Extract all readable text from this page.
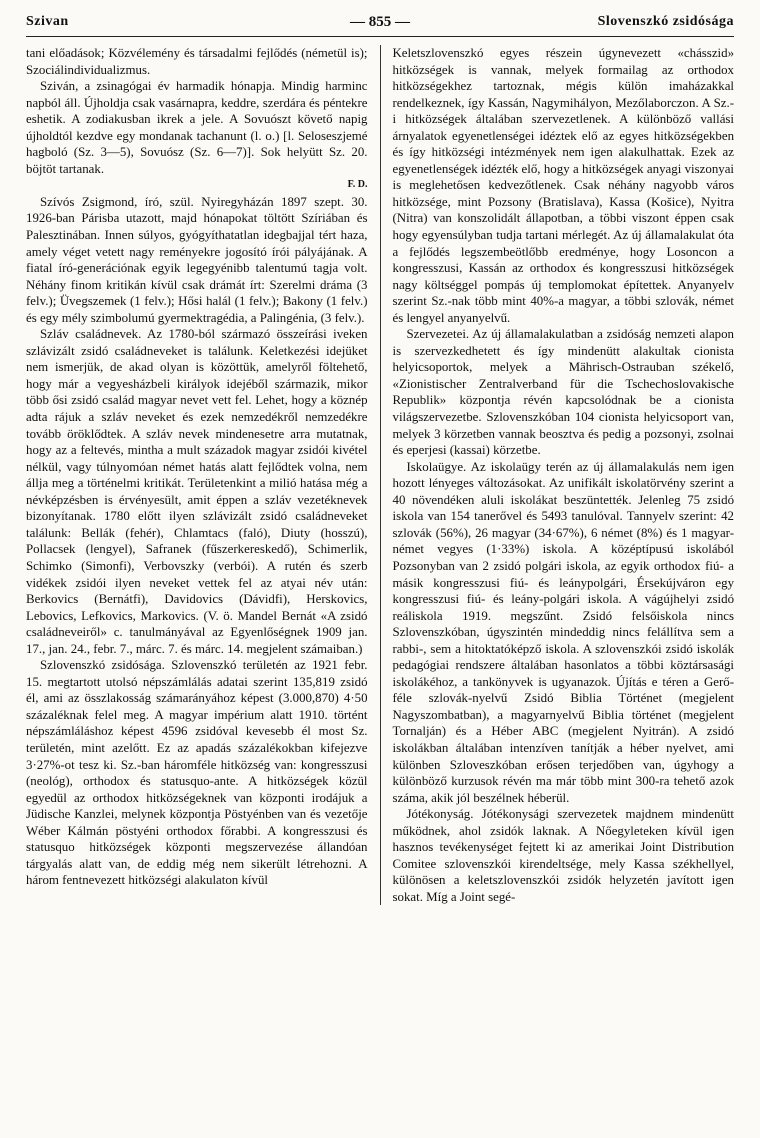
Szivan	— 855 —	Slovenszkó zsidósága

tani előadások; Közvélemény és társadalmi fejlődés (németül is); Szociálindividualizmus.

Sziván, a zsinagógai év harmadik hónapja. Mindig harminc napból áll. Újholdja csak vasárnapra, keddre, szerdára és péntekre eshetik. A zodiakusban ikrek a jele. A Sovuószt követő napig újholdtól kezdve egy mondanak tachanunt (l. o.) [l. Seloseszjemé hagboló (Sz. 3—5), Sovuósz (Sz. 6—7)]. Sok helyütt Sz. 20. böjtöt tartanak.

F. D.

Szívós Zsigmond, író, szül. Nyiregyházán 1897 szept. 30. 1926-ban Párisba utazott, majd hónapokat töltött Szíriában és Palesztinában. Innen súlyos, gyógyíthatatlan idegbajjal tért haza, amely véget vetett nagy reményekre jogosító írói pályájának. A fiatal író-generációnak egyik legegyénibb talentumú tagja volt. Néhány finom kritikán kívül csak drámát írt: Szerelmi dráma (3 felv.); Üvegszemek (1 felv.); Hősi halál (1 felv.); Bakony (1 felv.) és egy mély szimbolumú gyermektragédia, a Palingénia, (3 felv.).

Szláv családnevek. Az 1780-ból származó összeírási iveken szlávizált zsidó családneveket is találunk. Keletkezési idejüket nem ismerjük, de akad olyan is közöttük, amelyről föltehető, hogy már a vegyesházbeli királyok idejéből származik, mikor több ősi zsidó család magyar nevet vett fel. Lehet, hogy a köznép adta rájuk a szláv neveket és ezek nemzedékről nemzedékre tovább öröklődtek. A szláv nevek mindenesetre arra mutatnak, hogy az a feltevés, mintha a mult századok magyar zsidói kivétel nélkül, vagy túlnyomóan német hatás alatt fejlődtek volna, nem állja meg a történelmi kritikát. Területenkint a milió hatása még a névképzésben is érvényesült, amit éppen a szláv vezetéknevek bizonyítanak. 1780 előtt ilyen szlávizált zsidó családneveket találunk: Bellák (fehér), Chlamtacs (faló), Diuty (hosszú), Pollacsek (lengyel), Safranek (fűszerkereskedő), Schimerlik, Schimko (Simonfi), Verbovszky (verbói). A rutén és szerb vidékek zsidói ilyen neveket vettek fel az atyai név után: Berkovics (Bernátfi), Davidovics (Dávidfi), Herskovics, Lebovics, Lefkovics, Markovics. (V. ö. Mandel Bernát «A zsidó családneveiről» c. tanulmányával az Egyenlőségnek 1909 jan. 17., jan. 24., febr. 7., márc. 7. és márc. 14. megjelent számaiban.)

Szlovenszkó zsidósága. Szlovenszkó területén az 1921 febr. 15. megtartott utolsó népszámlálás adatai szerint 135,819 zsidó él, ami az összlakosság számarányához képest (3.000,870) 4·50 százaléknak felel meg. A magyar impérium alatt 1910. történt népszámláláshoz képest 4596 zsidóval kevesebb él most Sz. területén, mint azelőtt. Ez az apadás százalékokban kifejezve 3·27%-ot tesz ki. Sz.-ban háromféle hitközség van: kongresszusi (neológ), orthodox és statusquo-ante. A hitközségek közül egyedül az orthodox hitközségeknek van központi irodájuk a Jüdische Kanzlei, melynek központja Pöstyénben van és vezetője Wéber Kálmán pöstyéni orthodox főrabbi. A kongresszusi és statusquo hitközségek központi megszervezése állandóan tárgyalás alatt van, de eddig még nem sikerült létrehozni. A három fentnevezett hitközségi alakulaton kívül

Keletszlovenszkó egyes részein úgynevezett «chásszid» hitközségek is vannak, melyek formailag az orthodox hitközségekhez tartoznak, mégis külön imaházakkal rendelkeznek, így Kassán, Nagymihályon, Mezőlaborczon. A Sz.-i hitközségek általában szervezetlenek. A különböző vallási árnyalatok egyenetlenségei idéztek elő az egyes hitközségekben és így hitközségi intézmények nem igen alakulhattak. Ezek az egyenetlenségek idézték elő, hogy a hitközségek anyagi viszonyai is meglehetősen kedvezőtlenek. Csak néhány nagyobb város hitközsége, mint Pozsony (Bratislava), Kassa (Košice), Nyitra (Nitra) van konszolidált állapotban, a többi viszont éppen csak hogy egyensúlyban tudja tartani mérlegét. Az új államalakulat óta a fejlődés legszembeötlőbb eredménye, hogy Losoncon a kongresszusi, Kassán az orthodox és kongresszusi hitközségek nagy költséggel pompás új templomokat építettek. Anyanyelv szerint Sz.-nak több mint 40%-a magyar, a többi szlovák, német és lengyel anyanyelvű.

Szervezetei. Az új államalakulatban a zsidóság nemzeti alapon is szervezkedhetett és így mindenütt alakultak cionista helyicsoportok, melyek a Mährisch-Ostrauban székelő, «Zionistischer Zentralverband für die Tschechoslovakische Republik» központja révén kapcsolódnak be a cionista világszervezetbe. Szlovenszkóban 104 cionista helyicsoport van, melyek 3 körzetben vannak beosztva és pedig a pozsonyi, zsolnai és eperjesi (kassai) körzetbe.

Iskolaügye. Az iskolaügy terén az új államalakulás nem igen hozott lényeges változásokat. Az unifikált iskolatörvény szerint a 40 növendéken aluli iskolákat beszüntették. Jelenleg 75 zsidó iskola van 154 tanerővel és 5493 tanulóval. Tannyelv szerint: 42 szlovák (56%), 26 magyar (34·67%), 6 német (8%) és 1 magyar-német vegyes (1·33%) iskola. A középtípusú iskolából Pozsonyban van 2 zsidó polgári iskola, az egyik orthodox fiú- a másik kongresszusi fiú- és leánypolgári, Érsekújváron egy kongresszusi fiú- és leány-polgári iskola. A vágújhelyi zsidó reáliskola 1919. megszűnt. Zsidó felsőiskola nincs Szlovenszkóban, úgyszintén mindeddig nincs felállítva sem a rabbi-, sem a hitoktatóképző iskola. A szlovenszkói zsidó iskolák pedagógiai rendszere általában hasonlatos a többi köztársasági iskolákéhoz, a tankönyvek is ugyanazok. Újítás e téren a Gerő-féle szlovák-nyelvű Zsidó Biblia Történet (megjelent Nagyszombatban), a magyarnyelvű Biblia történet (megjelent Tornalján) és a Héber ABC (megjelent Nyitrán). A zsidó iskolákban általában intenzíven tanítják a héber nyelvet, ami különben Szloveszkóban erősen terjedőben van, úgyhogy a különböző kurzusok révén ma már több mint 300-ra tehető azok száma, akik jól beszélnek héberül.

Jótékonyság. Jótékonysági szervezetek majdnem mindenütt működnek, ahol zsidók laknak. A Nőegyleteken kívül igen hasznos tevékenységet fejtett ki az amerikai Joint Distribution Comitee szlovenszkói kirendeltsége, mely Kassa székhellyel, különösen a keletszlovenszkói zsidók helyzetén javított igen sokat. Míg a Joint segé-
